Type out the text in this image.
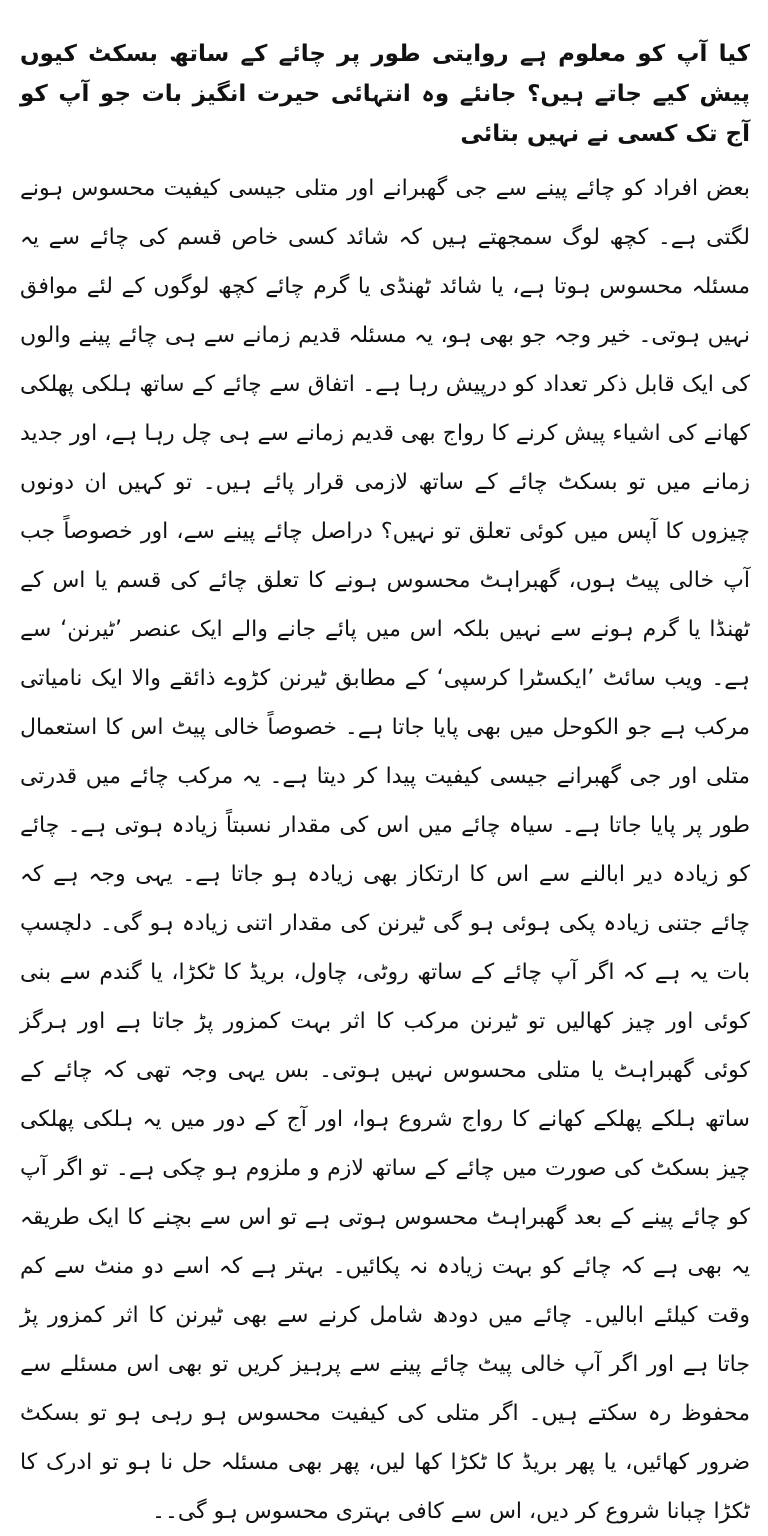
کیا آپ کو معلوم ہے روایتی طور پر چائے کے ساتھ بسکٹ کیوں پیش کیے جاتے ہیں؟ جانئے وہ انتہائی حیرت انگیز بات جو آپ کو آج تک کسی نے نہیں بتائی

بعض افراد کو چائے پینے سے جی گھبرانے اور متلی جیسی کیفیت محسوس ہونے لگتی ہے۔ کچھ لوگ سمجھتے ہیں کہ شائد کسی خاص قسم کی چائے سے یہ مسئلہ محسوس ہوتا ہے، یا شائد ٹھنڈی یا گرم چائے کچھ لوگوں کے لئے موافق نہیں ہوتی۔ خیر وجہ جو بھی ہو، یہ مسئلہ قدیم زمانے سے ہی چائے پینے والوں کی ایک قابل ذکر تعداد کو درپیش رہا ہے۔ اتفاق سے چائے کے ساتھ ہلکی پھلکی کھانے کی اشیاء پیش کرنے کا رواج بھی قدیم زمانے سے ہی چل رہا ہے، اور جدید زمانے میں تو بسکٹ چائے کے ساتھ لازمی قرار پائے ہیں۔ تو کہیں ان دونوں چیزوں کا آپس میں کوئی تعلق تو نہیں؟ دراصل چائے پینے سے، اور خصوصاً جب آپ خالی پیٹ ہوں، گھبراہٹ محسوس ہونے کا تعلق چائے کی قسم یا اس کے ٹھنڈا یا گرم ہونے سے نہیں بلکہ اس میں پائے جانے والے ایک عنصر ’ٹیرنن‘ سے ہے۔ ویب سائٹ ’ایکسٹرا کرسپی‘ کے مطابق ٹیرنن کڑوے ذائقے والا ایک نامیاتی مرکب ہے جو الکوحل میں بھی پایا جاتا ہے۔ خصوصاً خالی پیٹ اس کا استعمال متلی اور جی گھبرانے جیسی کیفیت پیدا کر دیتا ہے۔ یہ مرکب چائے میں قدرتی طور پر پایا جاتا ہے۔ سیاہ چائے میں اس کی مقدار نسبتاً زیادہ ہوتی ہے۔ چائے کو زیادہ دیر ابالنے سے اس کا ارتکاز بھی زیادہ ہو جاتا ہے۔ یہی وجہ ہے کہ چائے جتنی زیادہ پکی ہوئی ہو گی ٹیرنن کی مقدار اتنی زیادہ ہو گی۔ دلچسپ بات یہ ہے کہ اگر آپ چائے کے ساتھ روٹی، چاول، بریڈ کا ٹکڑا، یا گندم سے بنی کوئی اور چیز کھالیں تو ٹیرنن مرکب کا اثر بہت کمزور پڑ جاتا ہے اور ہرگز کوئی گھبراہٹ یا متلی محسوس نہیں ہوتی۔ بس یہی وجہ تھی کہ چائے کے ساتھ ہلکے پھلکے کھانے کا رواج شروع ہوا، اور آج کے دور میں یہ ہلکی پھلکی چیز بسکٹ کی صورت میں چائے کے ساتھ لازم و ملزوم ہو چکی ہے۔ تو اگر آپ کو چائے پینے کے بعد گھبراہٹ محسوس ہوتی ہے تو اس سے بچنے کا ایک طریقہ یہ بھی ہے کہ چائے کو بہت زیادہ نہ پکائیں۔ بہتر ہے کہ اسے دو منٹ سے کم وقت کیلئے ابالیں۔ چائے میں دودھ شامل کرنے سے بھی ٹیرنن کا اثر کمزور پڑ جاتا ہے اور اگر آپ خالی پیٹ چائے پینے سے پرہیز کریں تو بھی اس مسئلے سے محفوظ رہ سکتے ہیں۔ اگر متلی کی کیفیت محسوس ہو رہی ہو تو بسکٹ ضرور کھائیں، یا پھر بریڈ کا ٹکڑا کھا لیں، پھر بھی مسئلہ حل نا ہو تو ادرک کا ٹکڑا چبانا شروع کر دیں، اس سے کافی بہتری محسوس ہو گی۔۔
